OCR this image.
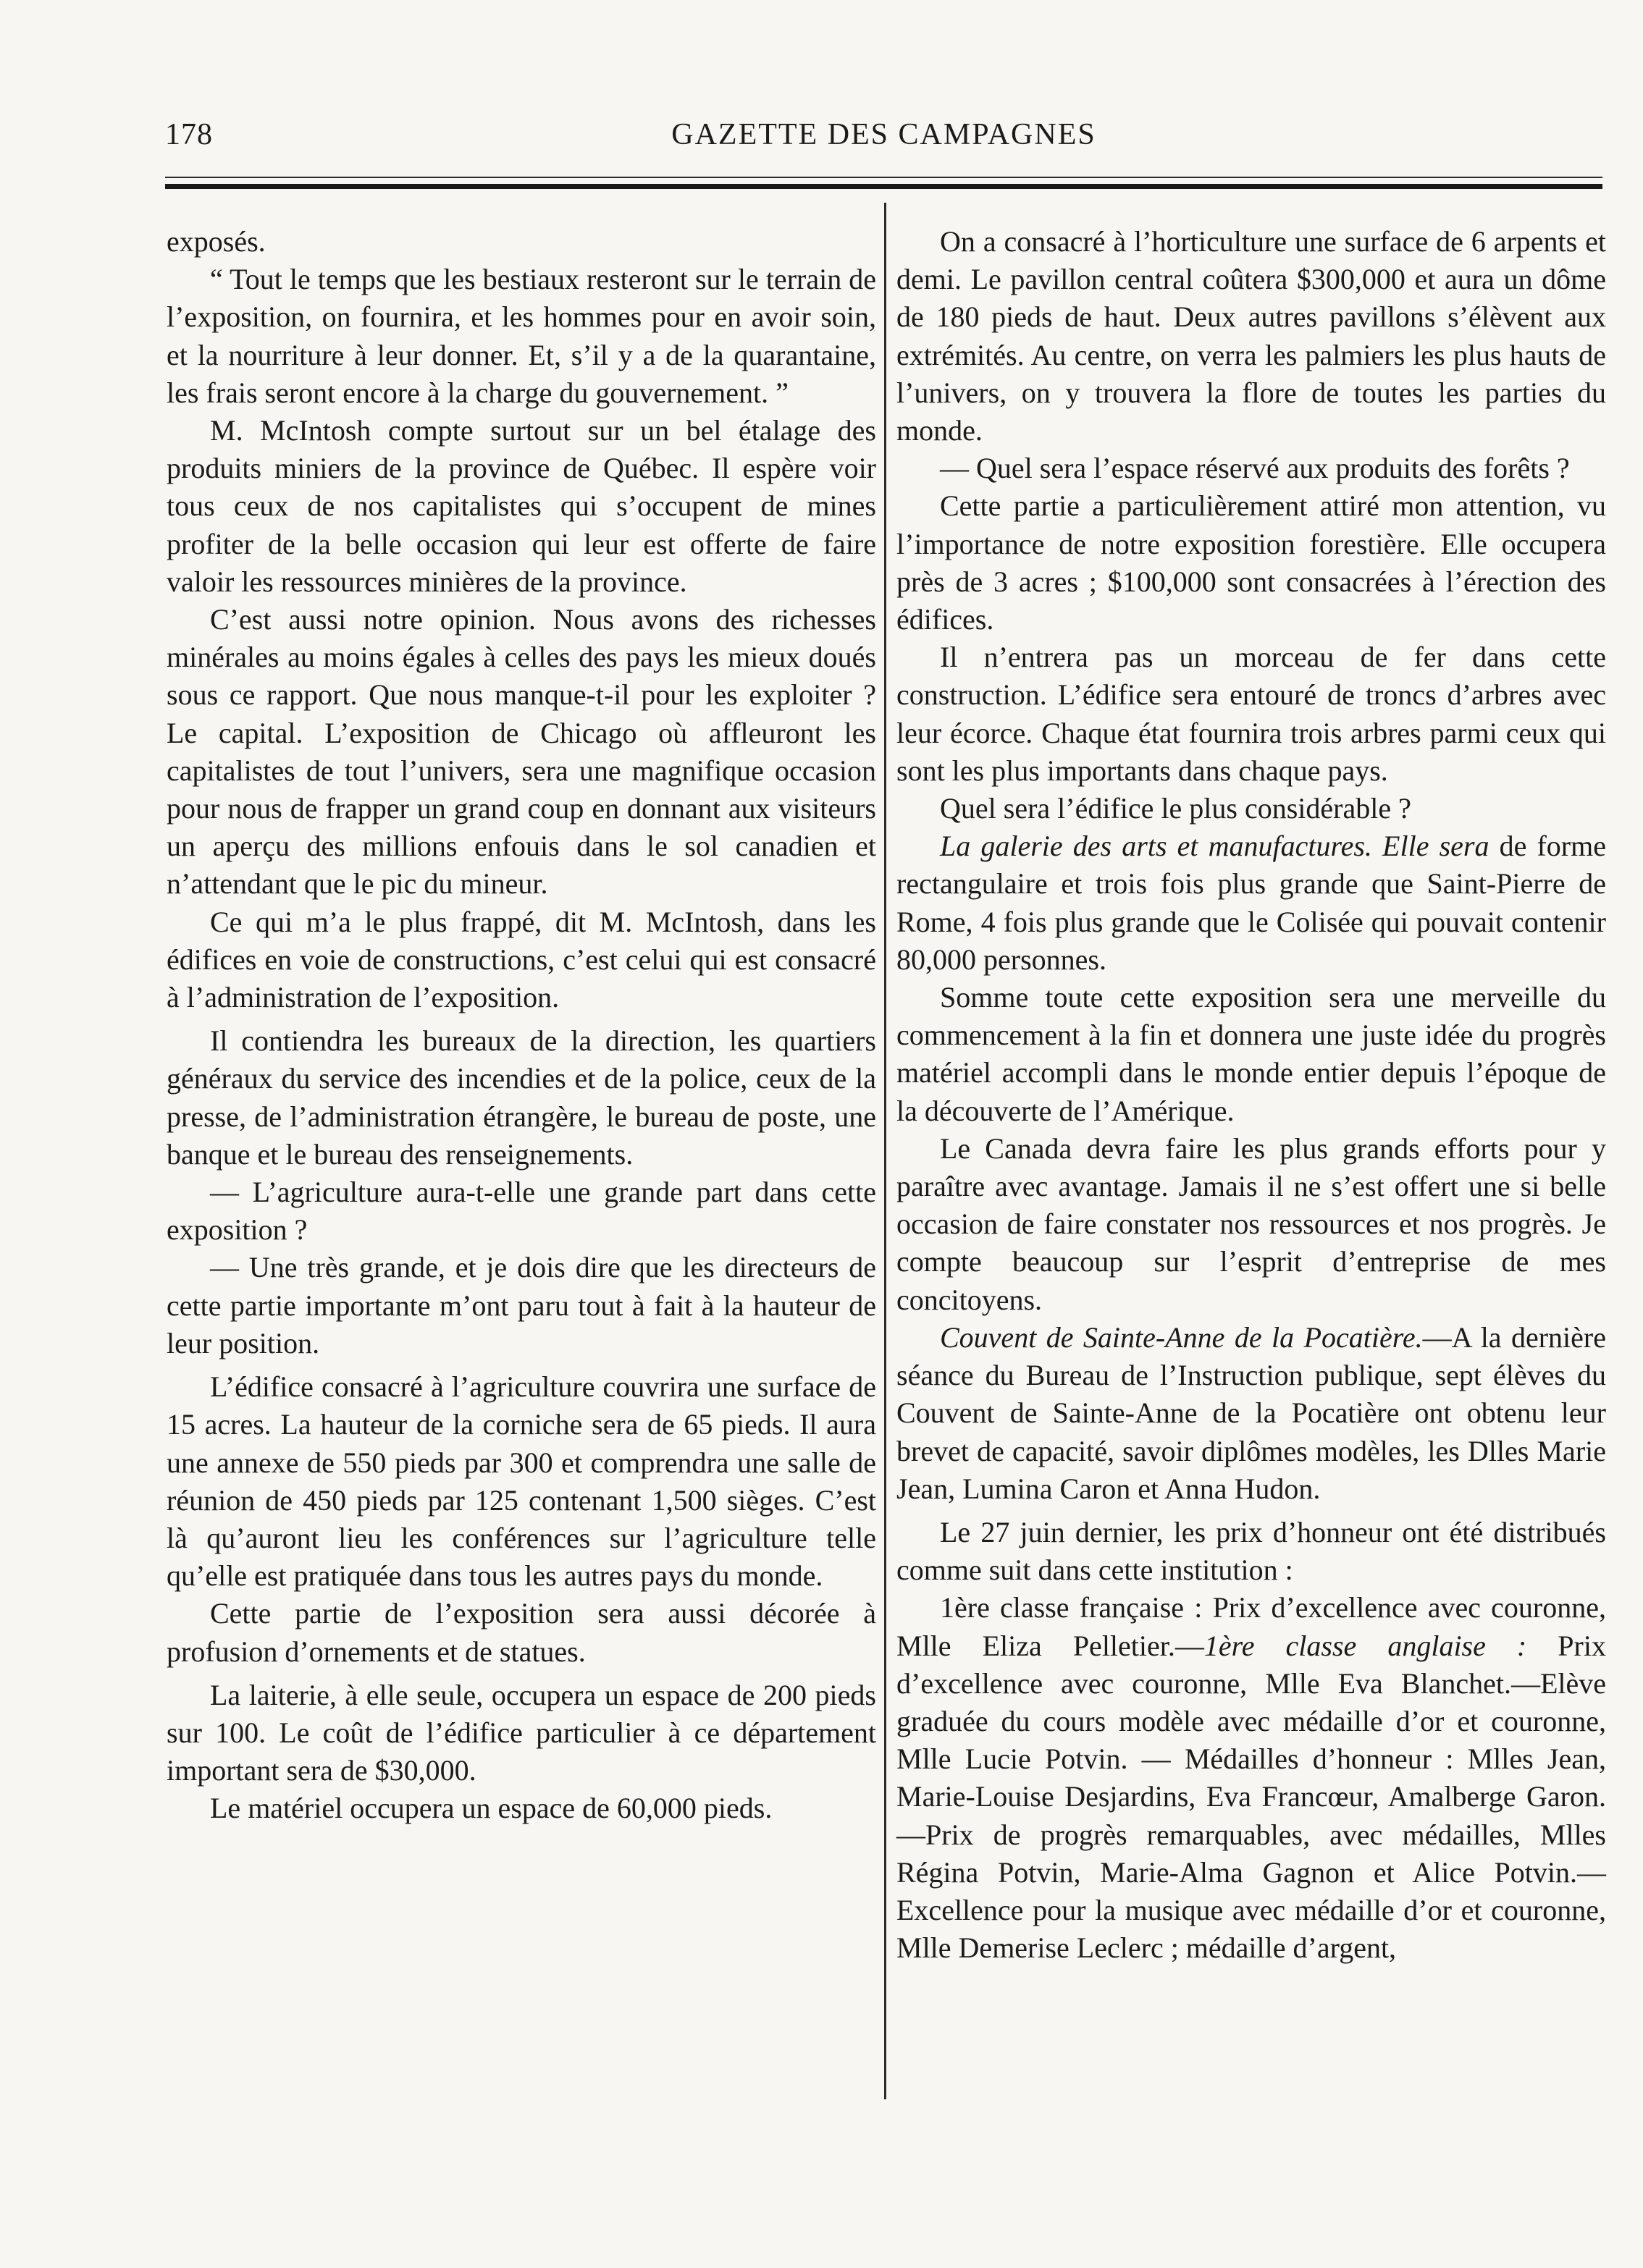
178	GAZETTE DES CAMPAGNES

exposés.

“ Tout le temps que les bestiaux resteront sur le terrain de l’exposition, on fournira, et les hommes pour en avoir soin, et la nourriture à leur donner. Et, s’il y a de la quarantaine, les frais seront encore à la charge du gouvernement. ”

M. McIntosh compte surtout sur un bel étalage des produits miniers de la province de Québec. Il espère voir tous ceux de nos capitalistes qui s’occupent de mines profiter de la belle occasion qui leur est offerte de faire valoir les ressources minières de la province.

C’est aussi notre opinion. Nous avons des richesses minérales au moins égales à celles des pays les mieux doués sous ce rapport. Que nous manque-t-il pour les exploiter ? Le capital. L’exposition de Chicago où affleuront les capitalistes de tout l’univers, sera une magnifique occasion pour nous de frapper un grand coup en donnant aux visiteurs un aperçu des millions enfouis dans le sol canadien et n’attendant que le pic du mineur.

Ce qui m’a le plus frappé, dit M. McIntosh, dans les édifices en voie de constructions, c’est celui qui est consacré à l’administration de l’exposition.

Il contiendra les bureaux de la direction, les quartiers généraux du service des incendies et de la police, ceux de la presse, de l’administration étrangère, le bureau de poste, une banque et le bureau des renseignements.

— L’agriculture aura-t-elle une grande part dans cette exposition ?

— Une très grande, et je dois dire que les directeurs de cette partie importante m’ont paru tout à fait à la hauteur de leur position.

L’édifice consacré à l’agriculture couvrira une surface de 15 acres. La hauteur de la corniche sera de 65 pieds. Il aura une annexe de 550 pieds par 300 et comprendra une salle de réunion de 450 pieds par 125 contenant 1,500 sièges. C’est là qu’auront lieu les conférences sur l’agriculture telle qu’elle est pratiquée dans tous les autres pays du monde.

Cette partie de l’exposition sera aussi décorée à profusion d’ornements et de statues.

La laiterie, à elle seule, occupera un espace de 200 pieds sur 100. Le coût de l’édifice particulier à ce département important sera de $30,000.

Le matériel occupera un espace de 60,000 pieds.

On a consacré à l’horticulture une surface de 6 arpents et demi. Le pavillon central coûtera $300,000 et aura un dôme de 180 pieds de haut. Deux autres pavillons s’élèvent aux extrémités. Au centre, on verra les palmiers les plus hauts de l’univers, on y trouvera la flore de toutes les parties du monde.

— Quel sera l’espace réservé aux produits des forêts ?

Cette partie a particulièrement attiré mon attention, vu l’importance de notre exposition forestière. Elle occupera près de 3 acres ; $100,000 sont consacrées à l’érection des édifices.

Il n’entrera pas un morceau de fer dans cette construction. L’édifice sera entouré de troncs d’arbres avec leur écorce. Chaque état fournira trois arbres parmi ceux qui sont les plus importants dans chaque pays.

Quel sera l’édifice le plus considérable ?

La galerie des arts et manufactures. Elle sera de forme rectangulaire et trois fois plus grande que Saint-Pierre de Rome, 4 fois plus grande que le Colisée qui pouvait contenir 80,000 personnes.

Somme toute cette exposition sera une merveille du commencement à la fin et donnera une juste idée du progrès matériel accompli dans le monde entier depuis l’époque de la découverte de l’Amérique.

Le Canada devra faire les plus grands efforts pour y paraître avec avantage. Jamais il ne s’est offert une si belle occasion de faire constater nos ressources et nos progrès. Je compte beaucoup sur l’esprit d’entreprise de mes concitoyens.

Couvent de Sainte-Anne de la Pocatière.—A la dernière séance du Bureau de l’Instruction publique, sept élèves du Couvent de Sainte-Anne de la Pocatière ont obtenu leur brevet de capacité, savoir diplômes modèles, les Dlles Marie Jean, Lumina Caron et Anna Hudon.

Le 27 juin dernier, les prix d’honneur ont été distribués comme suit dans cette institution :

1ère classe française : Prix d’excellence avec couronne, Mlle Eliza Pelletier.—1ère classe anglaise : Prix d’excellence avec couronne, Mlle Eva Blanchet.—Elève graduée du cours modèle avec médaille d’or et couronne, Mlle Lucie Potvin. — Médailles d’honneur : Mlles Jean, Marie-Louise Desjardins, Eva Francœur, Amalberge Garon.—Prix de progrès remarquables, avec médailles, Mlles Régina Potvin, Marie-Alma Gagnon et Alice Potvin.—Excellence pour la musique avec médaille d’or et couronne, Mlle Demerise Leclerc ; médaille d’argent,
